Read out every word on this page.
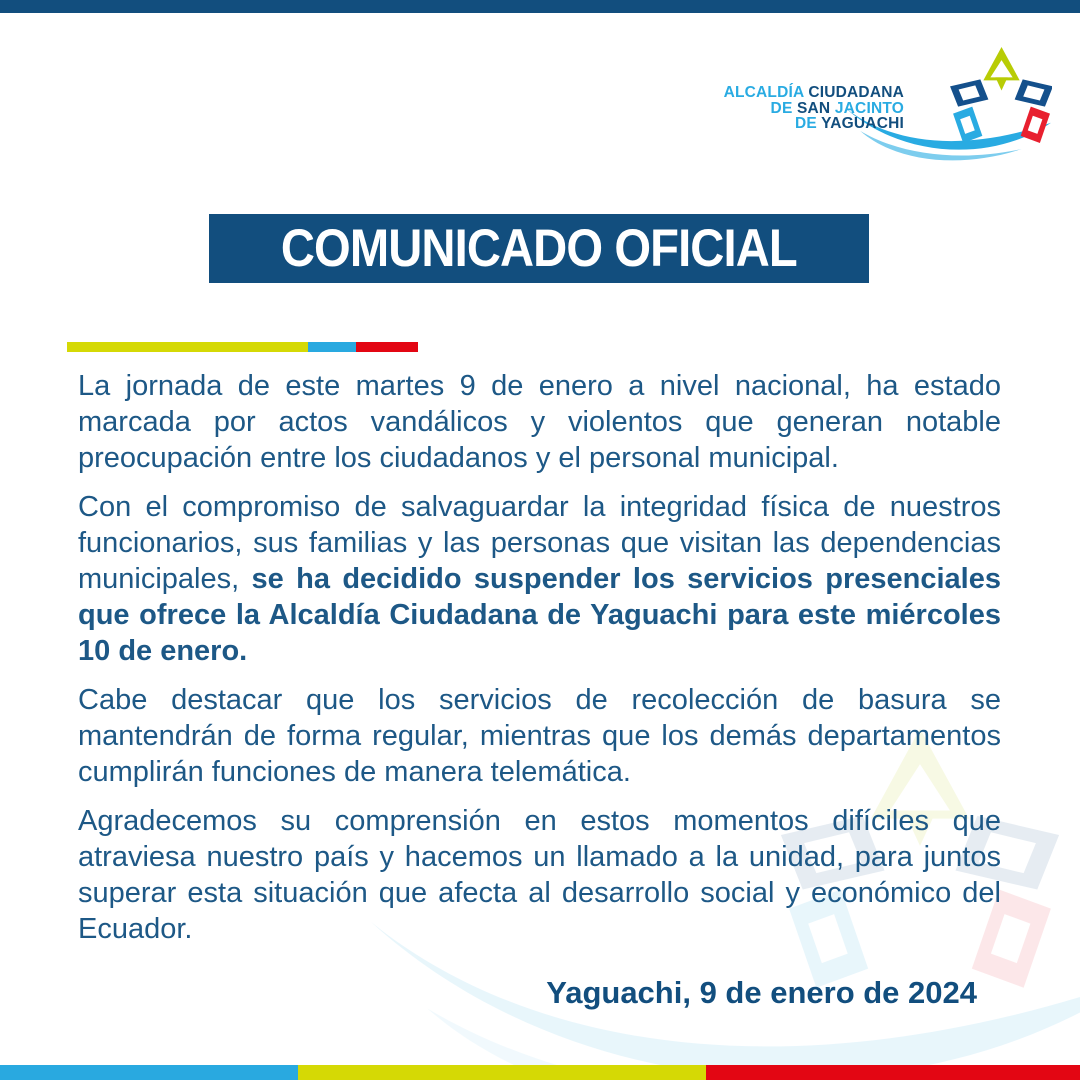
ALCALDÍA CIUDADANA
DE SAN JACINTO
DE YAGUACHI
COMUNICADO OFICIAL

La jornada de este martes 9 de enero a nivel nacional, ha estado marcada por actos vandálicos y violentos que generan notable preocupación entre los ciudadanos y el personal municipal.

Con el compromiso de salvaguardar la integridad física de nuestros funcionarios, sus familias y las personas que visitan las dependencias municipales, se ha decidido suspender los servicios presenciales que ofrece la Alcaldía Ciudadana de Yaguachi para este miércoles 10 de enero.

Cabe destacar que los servicios de recolección de basura se mantendrán de forma regular, mientras que los demás departamentos cumplirán funciones de manera telemática.

Agradecemos su comprensión en estos momentos difíciles que atraviesa nuestro país y hacemos un llamado a la unidad, para juntos superar esta situación que afecta al desarrollo social y económico del Ecuador.

Yaguachi, 9 de enero de 2024
